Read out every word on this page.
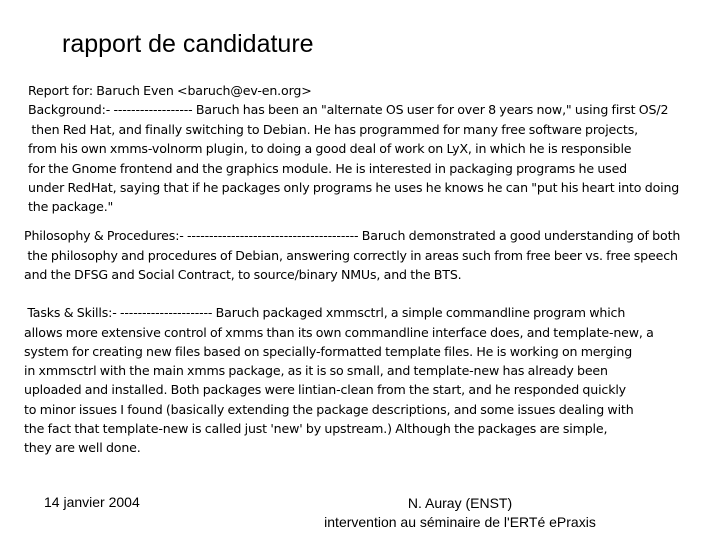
rapport de candidature

Report for: Baruch Even <baruch@ev-en.org>

Background:- ------------------ Baruch has been an "alternate OS user for over 8 years now," using first OS/2

then Red Hat, and finally switching to Debian. He has programmed for many free software projects,

from his own xmms-volnorm plugin, to doing a good deal of work on LyX, in which he is responsible

for the Gnome frontend and the graphics module. He is interested in packaging programs he used

under RedHat, saying that if he packages only programs he uses he knows he can "put his heart into doing

the package."

Philosophy & Procedures:- --------------------------------------- Baruch demonstrated a good understanding of both

the philosophy and procedures of Debian, answering correctly in areas such from free beer vs. free speech

and the DFSG and Social Contract, to source/binary NMUs, and the BTS.

Tasks & Skills:- --------------------- Baruch packaged xmmsctrl, a simple commandline program which

allows more extensive control of xmms than its own commandline interface does, and template-new, a

system for creating new files based on specially-formatted template files. He is working on merging

in xmmsctrl with the main xmms package, as it is so small, and template-new has already been

uploaded and installed. Both packages were lintian-clean from the start, and he responded quickly

to minor issues I found (basically extending the package descriptions, and some issues dealing with

the fact that template-new is called just 'new' by upstream.) Although the packages are simple,

they are well done.

14 janvier 2004	N. Auray (ENST)
intervention au séminaire de l'ERTé ePraxis
